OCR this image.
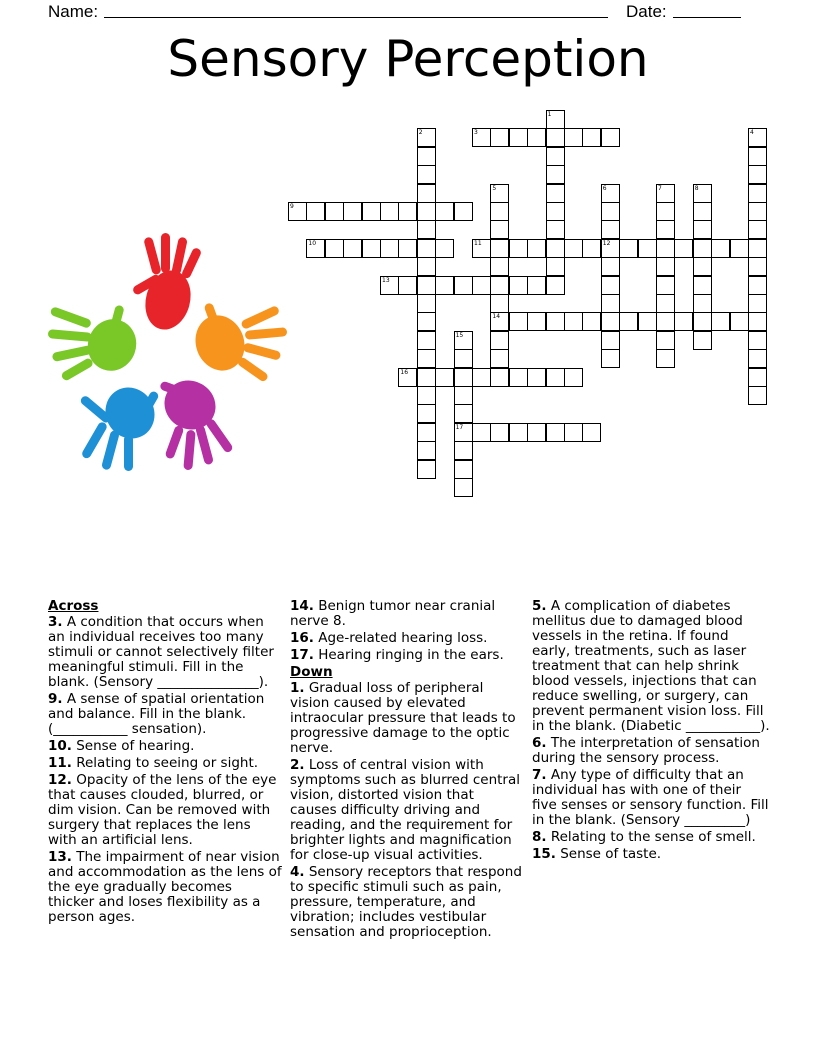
Name:	Date:
Sensory Perception
3
9
10	11	12
13
14
16
17
1
2	4
5	6	7	8
15
Across
3. A condition that occurs when an individual receives too many stimuli or cannot selectively filter meaningful stimuli. Fill in the blank. (Sensory _______________).
9. A sense of spatial orientation and balance. Fill in the blank. (___________ sensation).
10. Sense of hearing.
11. Relating to seeing or sight.
12. Opacity of the lens of the eye that causes clouded, blurred, or dim vision. Can be removed with surgery that replaces the lens with an artificial lens.
13. The impairment of near vision and accommodation as the lens of the eye gradually becomes thicker and loses flexibility as a person ages.
14. Benign tumor near cranial nerve 8.
16. Age-related hearing loss.
17. Hearing ringing in the ears.
Down
1. Gradual loss of peripheral vision caused by elevated intraocular pressure that leads to progressive damage to the optic nerve.
2. Loss of central vision with symptoms such as blurred central vision, distorted vision that causes difficulty driving and reading, and the requirement for brighter lights and magnification for close-up visual activities.
4. Sensory receptors that respond to specific stimuli such as pain, pressure, temperature, and vibration; includes vestibular sensation and proprioception.
5. A complication of diabetes mellitus due to damaged blood vessels in the retina. If found early, treatments, such as laser treatment that can help shrink blood vessels, injections that can reduce swelling, or surgery, can prevent permanent vision loss. Fill in the blank. (Diabetic ___________).
6. The interpretation of sensation during the sensory process.
7. Any type of difficulty that an individual has with one of their five senses or sensory function. Fill in the blank. (Sensory _________)
8. Relating to the sense of smell.
15. Sense of taste.
